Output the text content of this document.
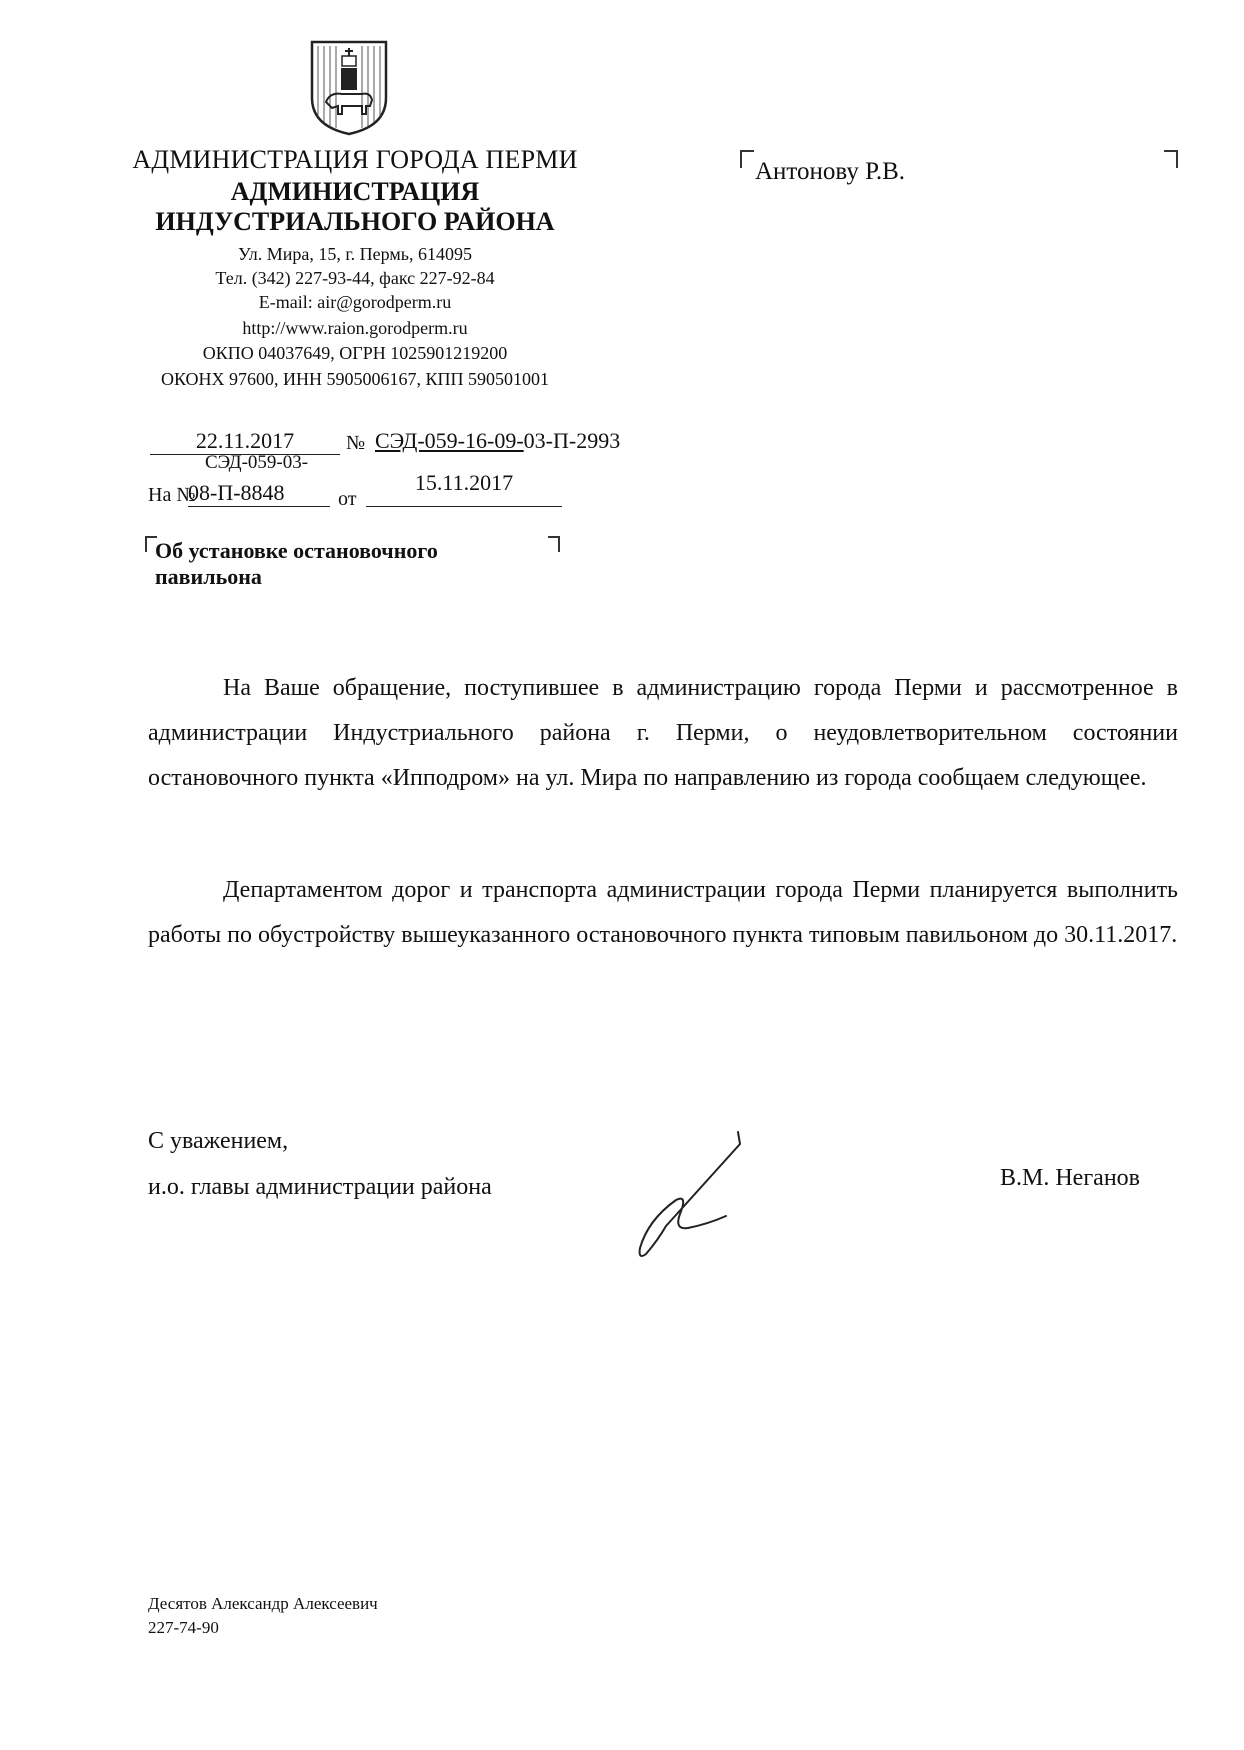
АДМИНИСТРАЦИЯ ГОРОДА ПЕРМИ
АДМИНИСТРАЦИЯ
ИНДУСТРИАЛЬНОГО РАЙОНА
Ул. Мира, 15, г. Пермь, 614095
Тел. (342) 227-93-44, факс 227-92-84
E-mail: air@gorodperm.ru
http://www.raion.gorodperm.ru
ОКПО 04037649, ОГРН 1025901219200
ОКОНХ 97600, ИНН 5905006167, КПП 590501001
Антонову Р.В.
22.11.2017	№ СЭД-059-16-09-03-П-2993
СЭД-059-03-
На №
08-П-8848	от
15.11.2017
Об установке остановочного
павильона
На Ваше обращение, поступившее в администрацию города Перми и рассмотренное в администрации Индустриального района г. Перми, о неудовлетворительном состоянии остановочного пункта «Ипподром» на ул. Мира по направлению из города сообщаем следующее.
Департаментом дорог и транспорта администрации города Перми планируется выполнить работы по обустройству вышеуказанного остановочного пункта типовым павильоном до 30.11.2017.
С уважением,
и.о. главы администрации района	В.М. Неганов
Десятов Александр Алексеевич
227-74-90
